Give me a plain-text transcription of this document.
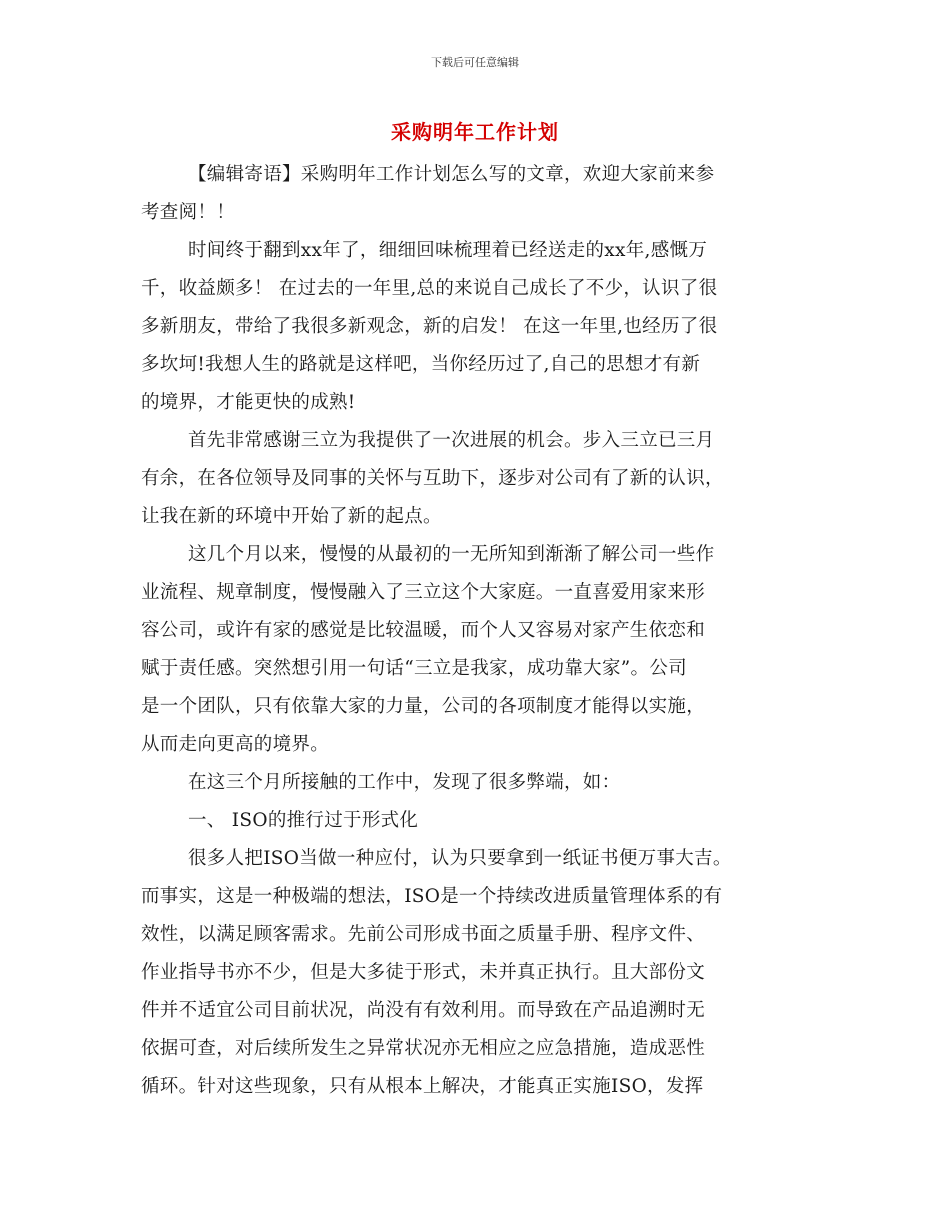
下载后可任意编辑
采购明年工作计划
【编辑寄语】采购明年工作计划怎么写的文章，欢迎大家前来参
考查阅！！
时间终于翻到xx年了，细细回味梳理着已经送走的xx年,感慨万
千，收益颇多！ 在过去的一年里,总的来说自己成长了不少，认识了很
多新朋友，带给了我很多新观念，新的启发！ 在这一年里,也经历了很
多坎坷!我想人生的路就是这样吧，当你经历过了,自己的思想才有新
的境界，才能更快的成熟!
首先非常感谢三立为我提供了一次进展的机会。步入三立已三月
有余，在各位领导及同事的关怀与互助下，逐步对公司有了新的认识，
让我在新的环境中开始了新的起点。
这几个月以来，慢慢的从最初的一无所知到渐渐了解公司一些作
业流程、规章制度，慢慢融入了三立这个大家庭。一直喜爱用家来形
容公司，或许有家的感觉是比较温暖，而个人又容易对家产生依恋和
赋于责任感。突然想引用一句话“三立是我家，成功靠大家”。公司
是一个团队，只有依靠大家的力量，公司的各项制度才能得以实施，
从而走向更高的境界。
在这三个月所接触的工作中，发现了很多弊端，如：
一、 ISO的推行过于形式化
很多人把ISO当做一种应付，认为只要拿到一纸证书便万事大吉。
而事实，这是一种极端的想法，ISO是一个持续改进质量管理体系的有
效性，以满足顾客需求。先前公司形成书面之质量手册、程序文件、
作业指导书亦不少，但是大多徒于形式，未并真正执行。且大部份文
件并不适宜公司目前状况，尚没有有效利用。而导致在产品追溯时无
依据可查，对后续所发生之异常状况亦无相应之应急措施，造成恶性
循环。针对这些现象，只有从根本上解决，才能真正实施ISO，发挥
